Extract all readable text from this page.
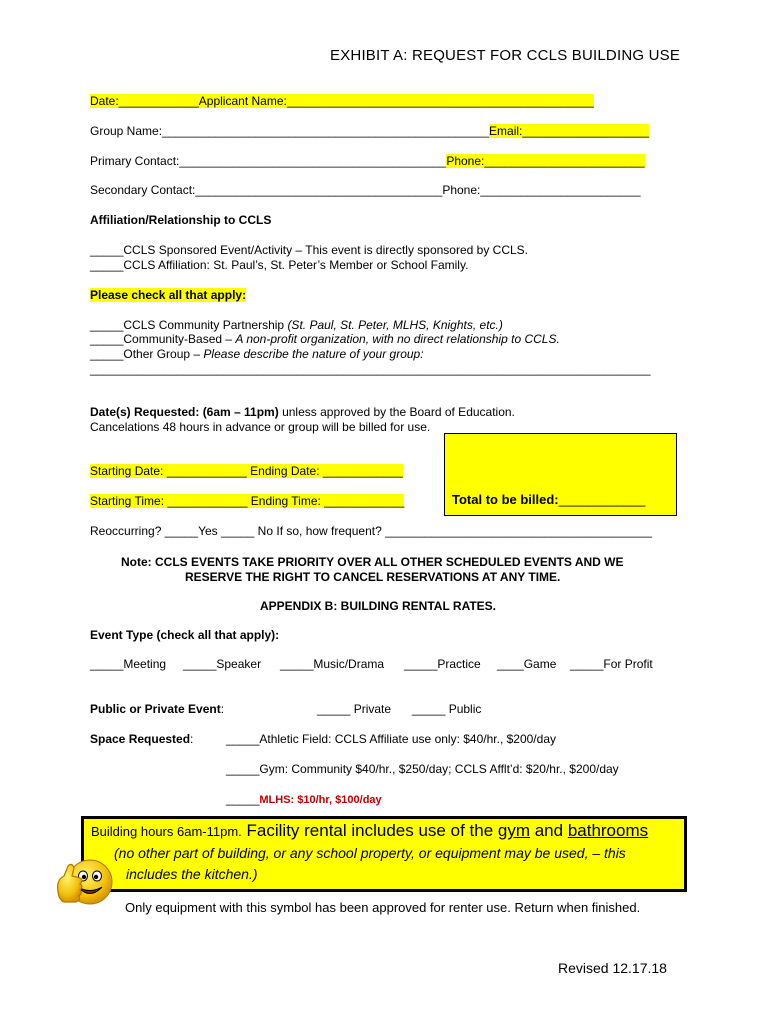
EXHIBIT A: REQUEST FOR CCLS BUILDING USE
Date:____________Applicant Name:______________________________________________
Group Name:_________________________________________________Email:___________________
Primary Contact:________________________________________Phone:________________________
Secondary Contact:_____________________________________Phone:________________________
Affiliation/Relationship to CCLS
_____CCLS Sponsored Event/Activity – This event is directly sponsored by CCLS.
_____CCLS Affiliation: St. Paul’s, St. Peter’s Member or School Family.
Please check all that apply:
_____CCLS Community Partnership (St. Paul, St. Peter, MLHS, Knights, etc.)
_____Community-Based – A non-profit organization, with no direct relationship to CCLS.
_____Other Group – Please describe the nature of your group:
____________________________________________________________________________________
Date(s) Requested: (6am – 11pm) unless approved by the Board of Education.
Cancelations 48 hours in advance or group will be billed for use.
Starting Date: ____________ Ending Date: ____________
Starting Time: ____________ Ending Time: ____________	Total to be billed:____________
Reoccurring? _____Yes _____ No If so, how frequent? ________________________________________
Note: CCLS EVENTS TAKE PRIORITY OVER ALL OTHER SCHEDULED EVENTS AND WE
RESERVE THE RIGHT TO CANCEL RESERVATIONS AT ANY TIME.
APPENDIX B: BUILDING RENTAL RATES.
Event Type (check all that apply):
_____Meeting _____Speaker _____Music/Drama _____Practice ____Game _____For Profit
Public or Private Event:	_____ Private _____ Public
Space Requested:	_____Athletic Field: CCLS Affiliate use only: $40/hr., $200/day
_____Gym: Community $40/hr., $250/day; CCLS Afflt’d: $20/hr., $200/day
_____MLHS: $10/hr, $100/day
Building hours 6am-11pm. Facility rental includes use of the gym and bathrooms
(no other part of building, or any school property, or equipment may be used, – this
includes the kitchen.)
Only equipment with this symbol has been approved for renter use. Return when finished.
Revised 12.17.18
